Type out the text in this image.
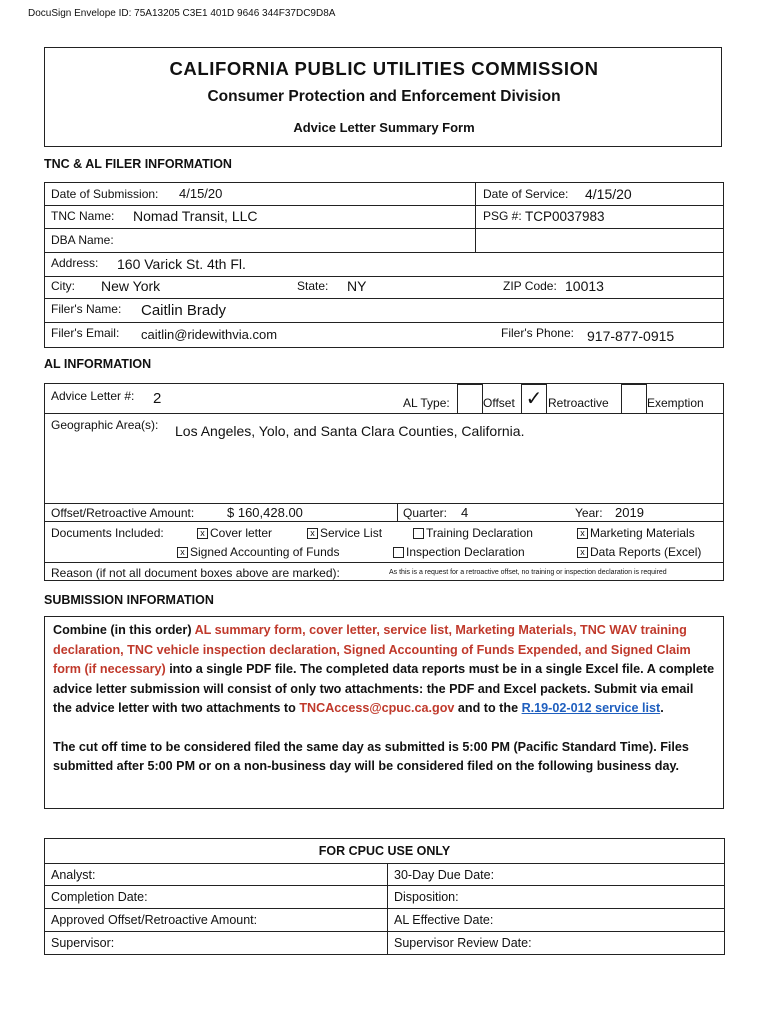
DocuSign Envelope ID: 75A13205 C3E1 401D 9646 344F37DC9D8A
CALIFORNIA PUBLIC UTILITIES COMMISSION
Consumer Protection and Enforcement Division
Advice Letter Summary Form
TNC & AL FILER INFORMATION
Date of Submission: 4/15/20	Date of Service: 4/15/20
TNC Name: Nomad Transit, LLC	PSG #: TCP0037983
DBA Name:
Address: 160 Varick St. 4th Fl.
City: New York	State: NY	ZIP Code: 10013
Filer's Name: Caitlin Brady
Filer's Email: caitlin@ridewithvia.com	Filer's Phone: 917-877-0915
AL INFORMATION
Advice Letter #: 2	AL Type:	Offset ✓ Retroactive	Exemption
Geographic Area(s): Los Angeles, Yolo, and Santa Clara Counties, California.
Offset/Retroactive Amount:	$ 160,428.00	Quarter: 4	Year: 2019
Documents Included:	x Cover letter	x Service List	Training Declaration	x Marketing Materials
x Signed Accounting of Funds	Inspection Declaration	x Data Reports (Excel)
Reason (if not all document boxes above are marked):	As this is a request for a retroactive offset, no training or inspection declaration is required
SUBMISSION INFORMATION
Combine (in this order) AL summary form, cover letter, service list, Marketing Materials, TNC WAV training declaration, TNC vehicle inspection declaration, Signed Accounting of Funds Expended, and Signed Claim form (if necessary) into a single PDF file. The completed data reports must be in a single Excel file. A complete advice letter submission will consist of only two attachments: the PDF and Excel packets. Submit via email the advice letter with two attachments to TNCAccess@cpuc.ca.gov and to the R.19-02-012 service list.
The cut off time to be considered filed the same day as submitted is 5:00 PM (Pacific Standard Time). Files submitted after 5:00 PM or on a non-business day will be considered filed on the following business day.
FOR CPUC USE ONLY	
Analyst:	30-Day Due Date:
Completion Date:	Disposition:
Approved Offset/Retroactive Amount:	AL Effective Date:
Supervisor:	Supervisor Review Date:
